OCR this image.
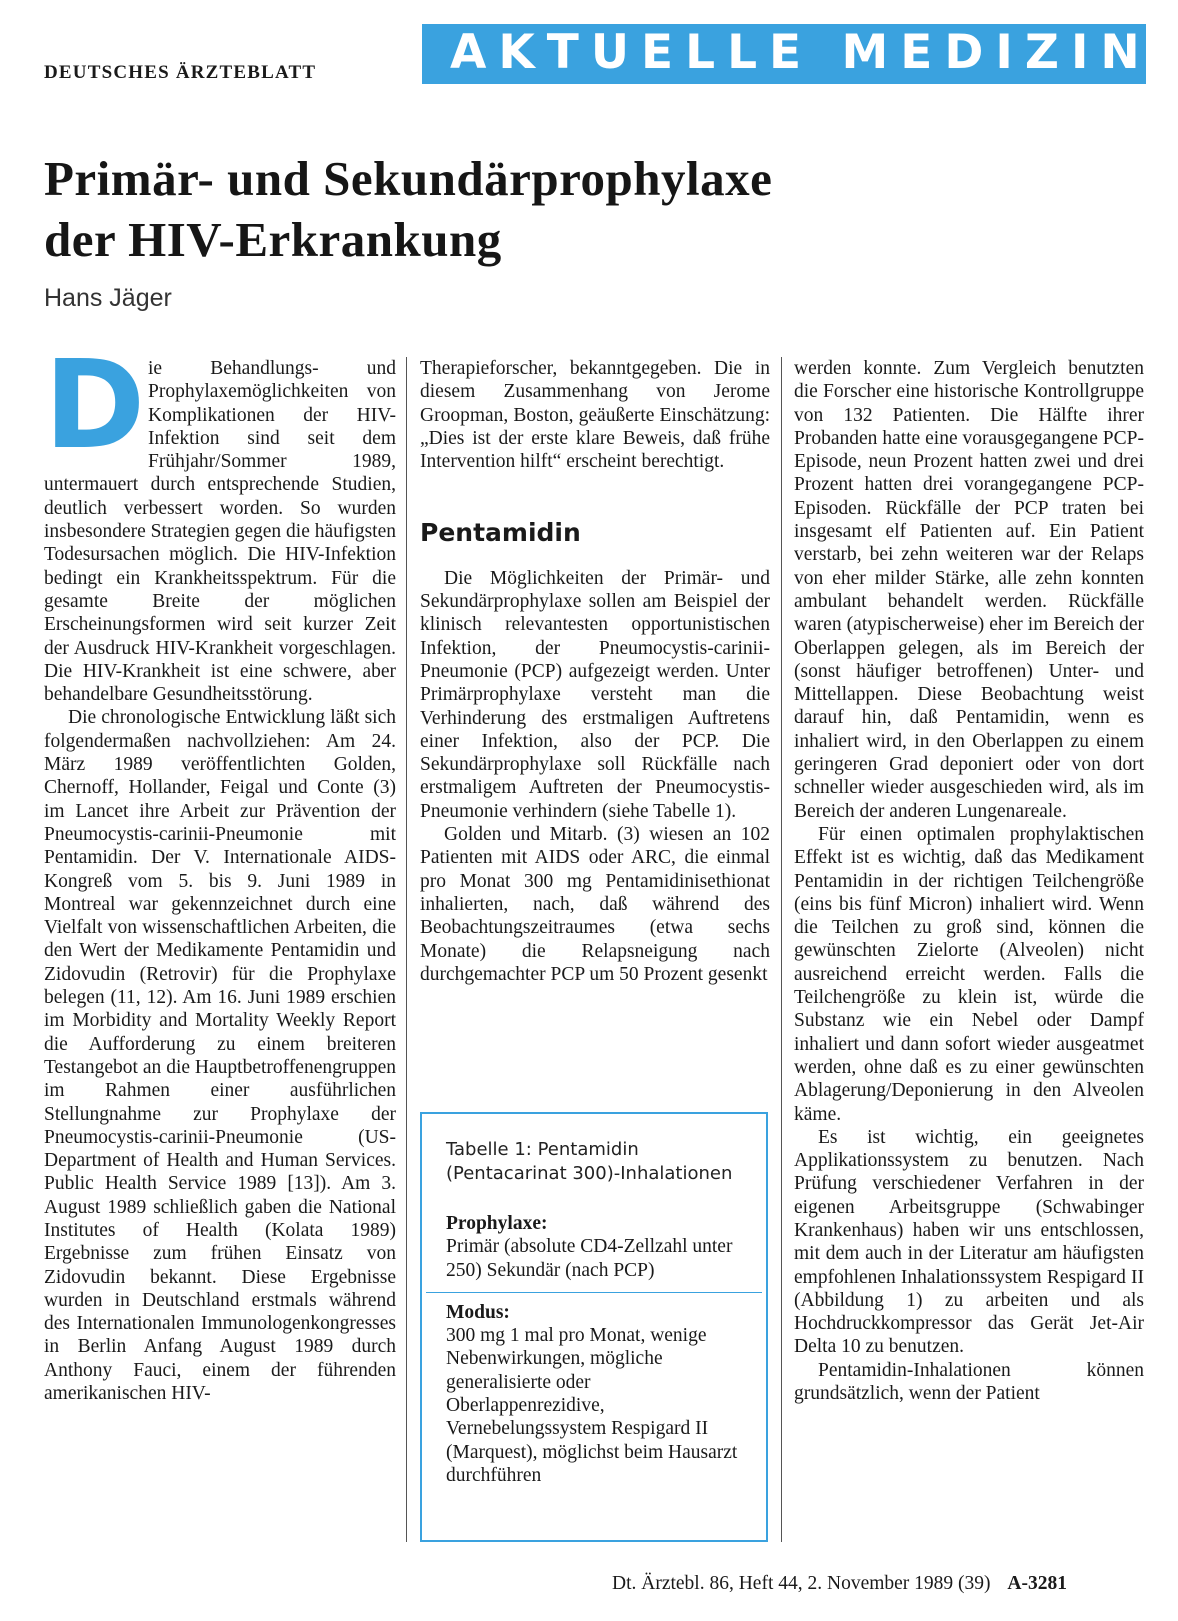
DEUTSCHES ÄRZTEBLATT	AKTUELLE MEDIZIN
Primär- und Sekundärprophylaxe
der HIV-Erkrankung
Hans Jäger
D ie Behandlungs- und Prophylaxemöglichkeiten von Komplikationen der HIV-Infektion sind seit dem Frühjahr/Sommer 1989, untermauert durch entsprechende Studien, deutlich verbessert worden. So wurden insbesondere Strategien gegen die häufigsten Todesursachen möglich. Die HIV-Infektion bedingt ein Krankheitsspektrum. Für die gesamte Breite der möglichen Erscheinungsformen wird seit kurzer Zeit der Ausdruck HIV-Krankheit vorgeschlagen. Die HIV-Krankheit ist eine schwere, aber behandelbare Gesundheitsstörung.

Die chronologische Entwicklung läßt sich folgendermaßen nachvollziehen: Am 24. März 1989 veröffentlichten Golden, Chernoff, Hollander, Feigal und Conte (3) im Lancet ihre Arbeit zur Prävention der Pneumocystis-carinii-Pneumonie mit Pentamidin. Der V. Internationale AIDS-Kongreß vom 5. bis 9. Juni 1989 in Montreal war gekennzeichnet durch eine Vielfalt von wissenschaftlichen Arbeiten, die den Wert der Medikamente Pentamidin und Zidovudin (Retrovir) für die Prophylaxe belegen (11, 12). Am 16. Juni 1989 erschien im Morbidity and Mortality Weekly Report die Aufforderung zu einem breiteren Testangebot an die Hauptbetroffenengruppen im Rahmen einer ausführlichen Stellungnahme zur Prophylaxe der Pneumocystis-carinii-Pneumonie (US-Department of Health and Human Services. Public Health Service 1989 [13]). Am 3. August 1989 schließlich gaben die National Institutes of Health (Kolata 1989) Ergebnisse zum frühen Einsatz von Zidovudin bekannt. Diese Ergebnisse wurden in Deutschland erstmals während des Internationalen Immunologenkongresses in Berlin Anfang August 1989 durch Anthony Fauci, einem der führenden amerikanischen HIV-

Therapieforscher, bekanntgegeben. Die in diesem Zusammenhang von Jerome Groopman, Boston, geäußerte Einschätzung: „Dies ist der erste klare Beweis, daß frühe Intervention hilft“ erscheint berechtigt.

Pentamidin

Die Möglichkeiten der Primär- und Sekundärprophylaxe sollen am Beispiel der klinisch relevantesten opportunistischen Infektion, der Pneumocystis-carinii-Pneumonie (PCP) aufgezeigt werden. Unter Primärprophylaxe versteht man die Verhinderung des erstmaligen Auftretens einer Infektion, also der PCP. Die Sekundärprophylaxe soll Rückfälle nach erstmaligem Auftreten der Pneumocystis-Pneumonie verhindern (siehe Tabelle 1).

Golden und Mitarb. (3) wiesen an 102 Patienten mit AIDS oder ARC, die einmal pro Monat 300 mg Pentamidinisethionat inhalierten, nach, daß während des Beobachtungszeitraumes (etwa sechs Monate) die Relapsneigung nach durchgemachter PCP um 50 Prozent gesenkt

Tabelle 1: Pentamidin (Pentacarinat 300)-Inhalationen
Prophylaxe:
Primär (absolute CD4-Zellzahl unter 250) Sekundär (nach PCP)
Modus:
300 mg 1 mal pro Monat, wenige Nebenwirkungen, mögliche generalisierte oder Oberlappenrezidive, Vernebelungssystem Respigard II (Marquest), möglichst beim Hausarzt durchführen

werden konnte. Zum Vergleich benutzten die Forscher eine historische Kontrollgruppe von 132 Patienten. Die Hälfte ihrer Probanden hatte eine vorausgegangene PCP-Episode, neun Prozent hatten zwei und drei Prozent hatten drei vorangegangene PCP-Episoden. Rückfälle der PCP traten bei insgesamt elf Patienten auf. Ein Patient verstarb, bei zehn weiteren war der Relaps von eher milder Stärke, alle zehn konnten ambulant behandelt werden. Rückfälle waren (atypischerweise) eher im Bereich der Oberlappen gelegen, als im Bereich der (sonst häufiger betroffenen) Unter- und Mittellappen. Diese Beobachtung weist darauf hin, daß Pentamidin, wenn es inhaliert wird, in den Oberlappen zu einem geringeren Grad deponiert oder von dort schneller wieder ausgeschieden wird, als im Bereich der anderen Lungenareale.

Für einen optimalen prophylaktischen Effekt ist es wichtig, daß das Medikament Pentamidin in der richtigen Teilchengröße (eins bis fünf Micron) inhaliert wird. Wenn die Teilchen zu groß sind, können die gewünschten Zielorte (Alveolen) nicht ausreichend erreicht werden. Falls die Teilchengröße zu klein ist, würde die Substanz wie ein Nebel oder Dampf inhaliert und dann sofort wieder ausgeatmet werden, ohne daß es zu einer gewünschten Ablagerung/Deponierung in den Alveolen käme.

Es ist wichtig, ein geeignetes Applikationssystem zu benutzen. Nach Prüfung verschiedener Verfahren in der eigenen Arbeitsgruppe (Schwabinger Krankenhaus) haben wir uns entschlossen, mit dem auch in der Literatur am häufigsten empfohlenen Inhalationssystem Respigard II (Abbildung 1) zu arbeiten und als Hochdruckkompressor das Gerät Jet-Air Delta 10 zu benutzen.

Pentamidin-Inhalationen können grundsätzlich, wenn der Patient

Dt. Ärztebl. 86, Heft 44, 2. November 1989 (39) A-3281
